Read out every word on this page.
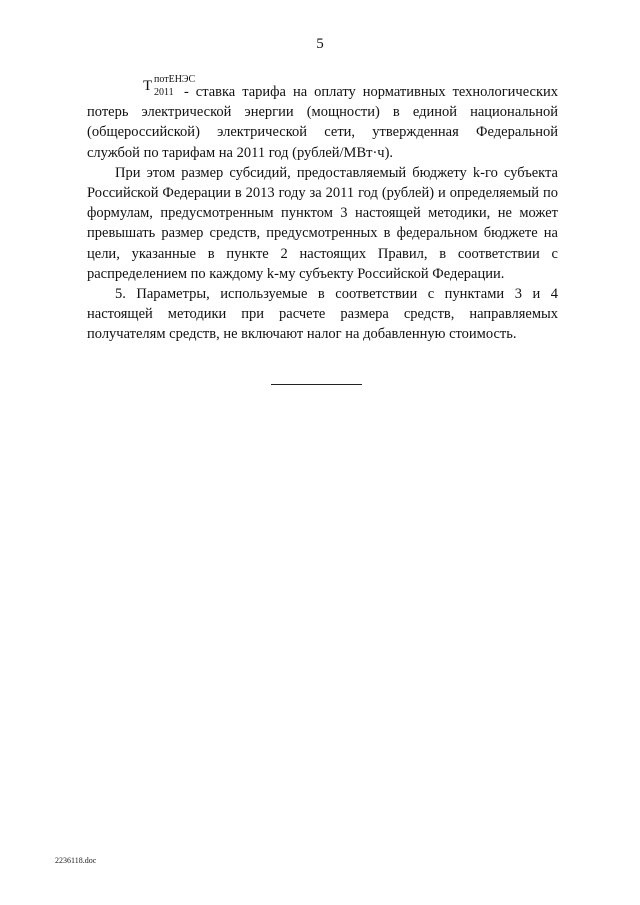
5

Т потЕНЭС
2011 - ставка тарифа на оплату нормативных технологических потерь электрической энергии (мощности) в единой национальной (общероссийской) электрической сети, утвержденная Федеральной службой по тарифам на 2011 год (рублей/МВт·ч).

При этом размер субсидий, предоставляемый бюджету k-го субъекта Российской Федерации в 2013 году за 2011 год (рублей) и определяемый по формулам, предусмотренным пунктом 3 настоящей методики, не может превышать размер средств, предусмотренных в федеральном бюджете на цели, указанные в пункте 2 настоящих Правил, в соответствии с распределением по каждому k-му субъекту Российской Федерации.

5. Параметры, используемые в соответствии с пунктами 3 и 4 настоящей методики при расчете размера средств, направляемых получателям средств, не включают налог на добавленную стоимость.

2236118.doc
